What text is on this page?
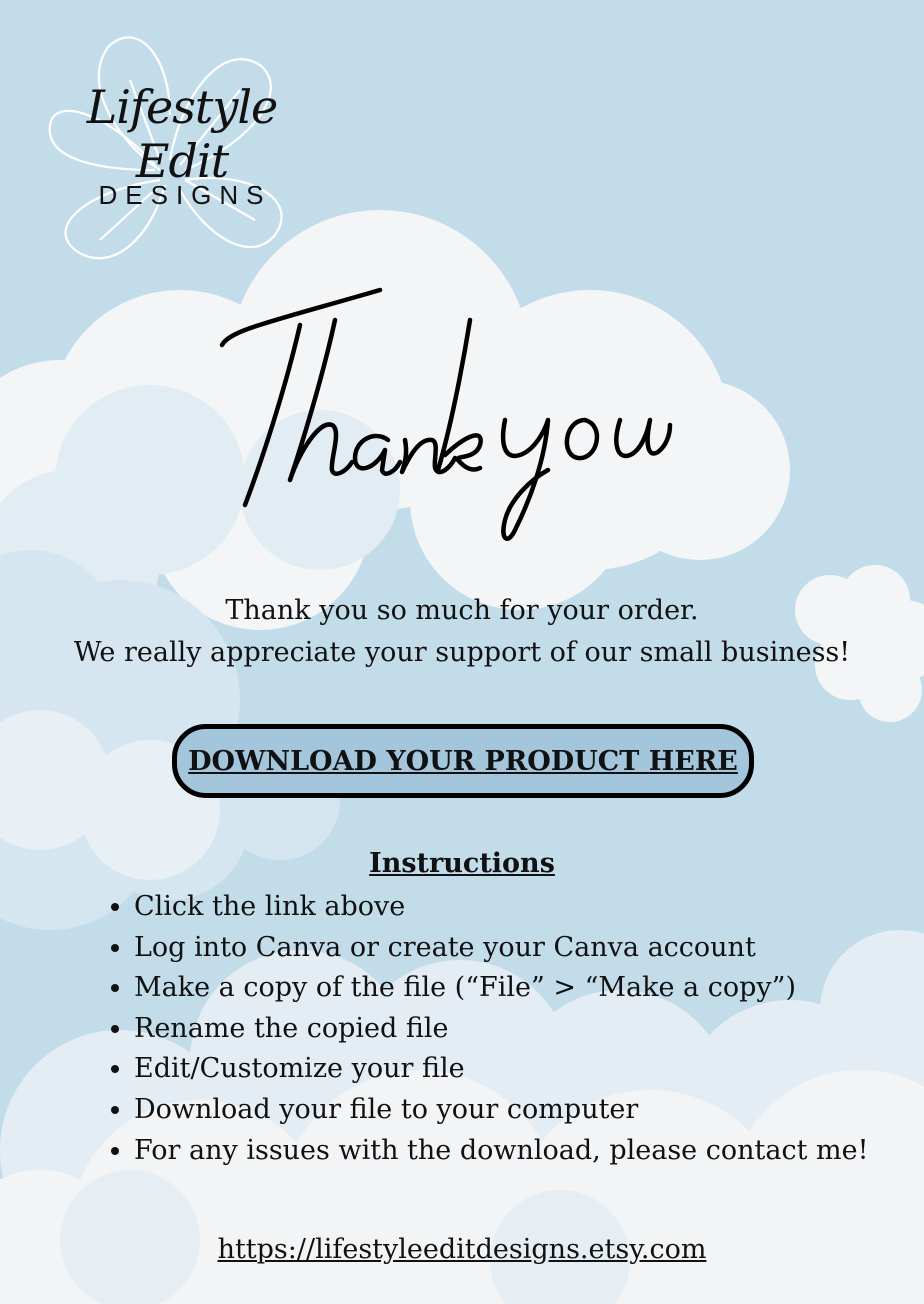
Lifestyle Edit
DESIGNS
Thank you so much for your order.
We really appreciate your support of our small business!
DOWNLOAD YOUR PRODUCT HERE
Instructions
• Click the link above
• Log into Canva or create your Canva account
• Make a copy of the file (“File” > “Make a copy”)
• Rename the copied file
• Edit/Customize your file
• Download your file to your computer
• For any issues with the download, please contact me!
https://lifestyleeditdesigns.etsy.com
